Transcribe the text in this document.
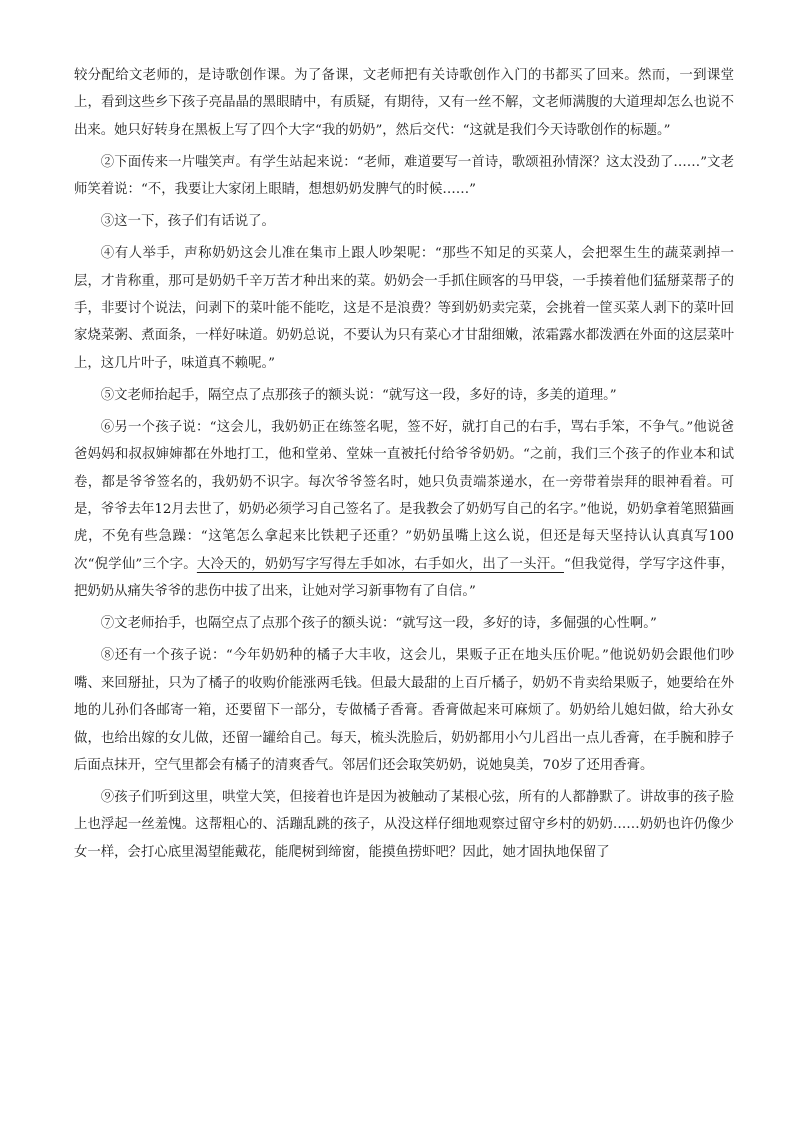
较分配给文老师的，是诗歌创作课。为了备课，文老师把有关诗歌创作入门的书都买了回来。然而，一到课堂上，看到这些乡下孩子亮晶晶的黑眼睛中，有质疑，有期待，又有一丝不解，文老师满腹的大道理却怎么也说不出来。她只好转身在黑板上写了四个大字“我的奶奶”，然后交代：“这就是我们今天诗歌创作的标题。”

②下面传来一片嗤笑声。有学生站起来说：“老师，难道要写一首诗，歌颂祖孙情深？这太没劲了……”文老师笑着说：“不，我要让大家闭上眼睛，想想奶奶发脾气的时候……”

③这一下，孩子们有话说了。

④有人举手，声称奶奶这会儿准在集市上跟人吵架呢：“那些不知足的买菜人，会把翠生生的蔬菜剥掉一层，才肯称重，那可是奶奶千辛万苦才种出来的菜。奶奶会一手抓住顾客的马甲袋，一手揍着他们猛掰菜帮子的手，非要讨个说法，问剥下的菜叶能不能吃，这是不是浪费？等到奶奶卖完菜，会挑着一筐买菜人剥下的菜叶回家烧菜粥、煮面条，一样好味道。奶奶总说，不要认为只有菜心才甘甜细嫩，浓霜露水都泼洒在外面的这层菜叶上，这几片叶子，味道真不赖呢。”

⑤文老师抬起手，隔空点了点那孩子的额头说：“就写这一段，多好的诗，多美的道理。”

⑥另一个孩子说：“这会儿，我奶奶正在练签名呢，签不好，就打自己的右手，骂右手笨，不争气。”他说爸爸妈妈和叔叔婶婶都在外地打工，他和堂弟、堂妹一直被托付给爷爷奶奶。“之前，我们三个孩子的作业本和试卷，都是爷爷签名的，我奶奶不识字。每次爷爷签名时，她只负责端茶递水，在一旁带着崇拜的眼神看着。可是，爷爷去年12月去世了，奶奶必须学习自己签名了。是我教会了奶奶写自己的名字。”他说，奶奶拿着笔照猫画虎，不免有些急躁：“这笔怎么拿起来比铁耙子还重？”奶奶虽嘴上这么说，但还是每天坚持认认真真写100次“倪学仙”三个字。大冷天的，奶奶写字写得左手如冰，右手如火，出了一头汗。“但我觉得，学写字这件事，把奶奶从痛失爷爷的悲伤中拔了出来，让她对学习新事物有了自信。”

⑦文老师抬手，也隔空点了点那个孩子的额头说：“就写这一段，多好的诗，多倔强的心性啊。”

⑧还有一个孩子说：“今年奶奶种的橘子大丰收，这会儿，果贩子正在地头压价呢。”他说奶奶会跟他们吵嘴、来回掰扯，只为了橘子的收购价能涨两毛钱。但最大最甜的上百斤橘子，奶奶不肯卖给果贩子，她要给在外地的儿孙们各邮寄一箱，还要留下一部分，专做橘子香膏。香膏做起来可麻烦了。奶奶给儿媳妇做，给大孙女做，也给出嫁的女儿做，还留一罐给自己。每天，梳头洗脸后，奶奶都用小勺儿舀出一点儿香膏，在手腕和脖子后面点抹开，空气里都会有橘子的清爽香气。邻居们还会取笑奶奶，说她臭美，70岁了还用香膏。

⑨孩子们听到这里，哄堂大笑，但接着也许是因为被触动了某根心弦，所有的人都静默了。讲故事的孩子脸上也浮起一丝羞愧。这帮粗心的、活蹦乱跳的孩子，从没这样仔细地观察过留守乡村的奶奶……奶奶也许仍像少女一样，会打心底里渴望能戴花，能爬树到缔窗，能摸鱼捞虾吧？因此，她才固执地保留了
